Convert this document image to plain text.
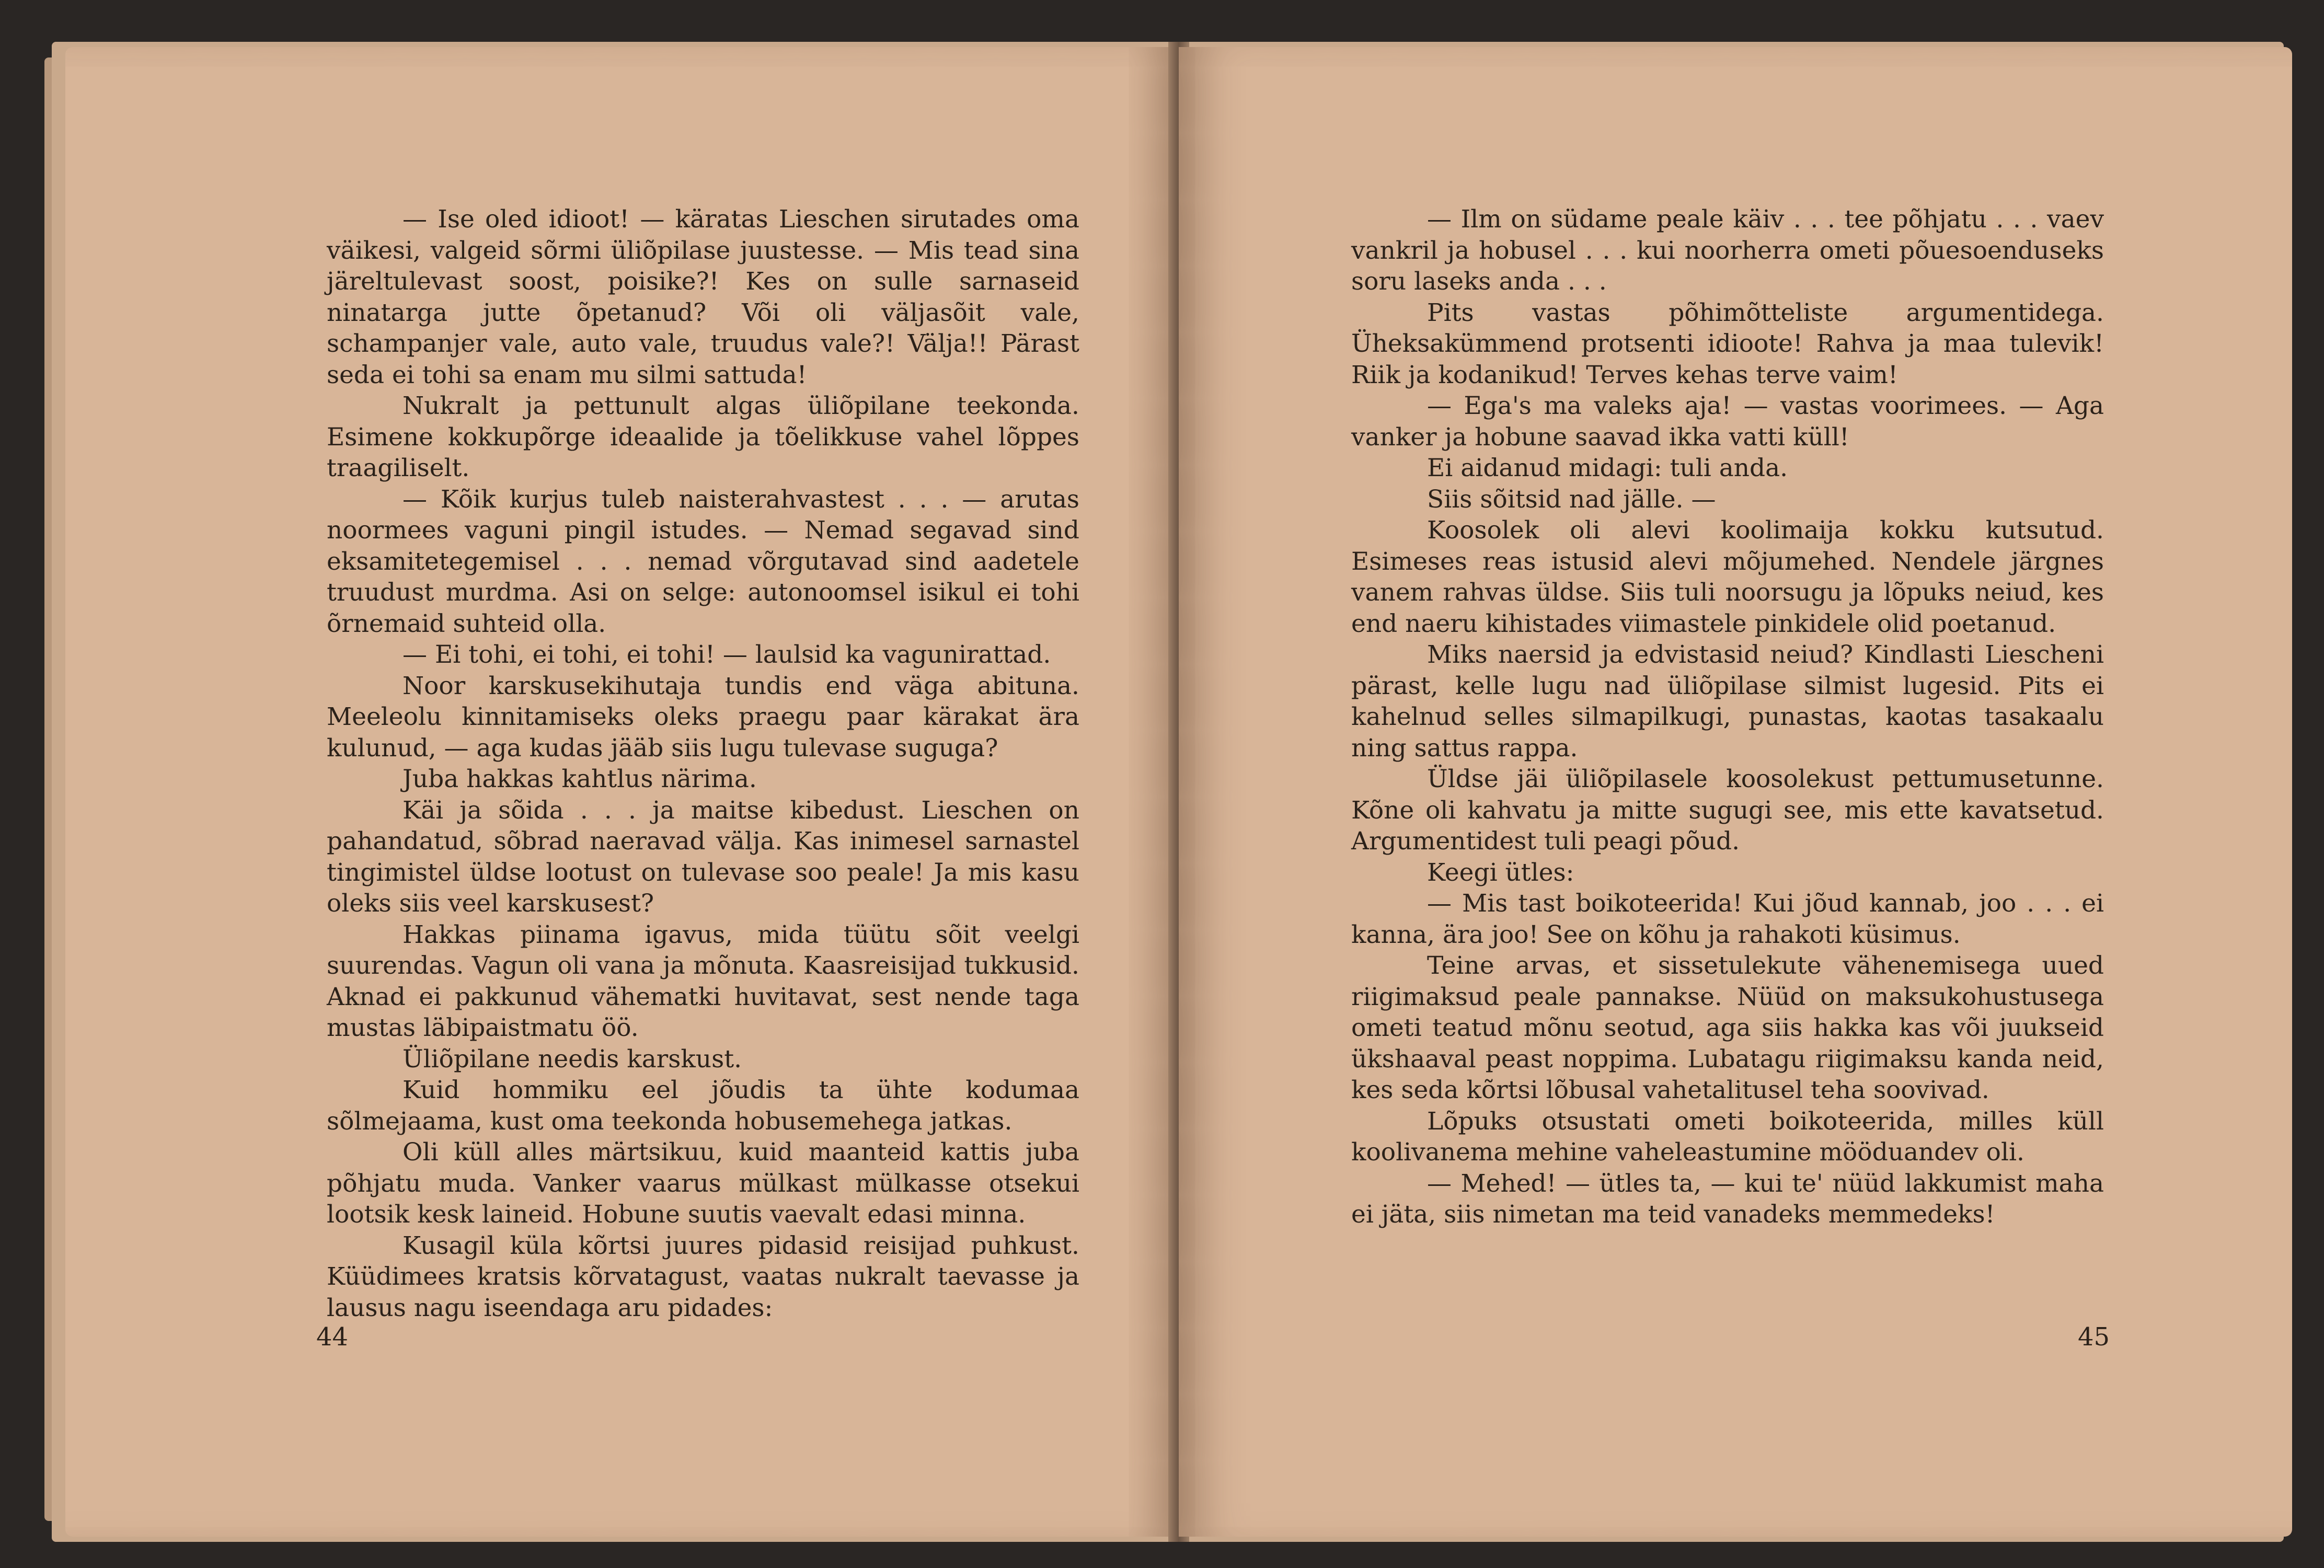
— Ise oled idioot! — käratas Lieschen sirutades oma väikesi, valgeid sõrmi üliõpilase juustesse. — Mis tead sina järeltulevast soost, poisike?! Kes on sulle sarnaseid ninatarga jutte õpetanud? Või oli väljasõit vale, schampanjer vale, auto vale, truudus vale?! Välja!! Pärast seda ei tohi sa enam mu silmi sattuda!

Nukralt ja pettunult algas üliõpilane teekonda. Esimene kokkupõrge ideaalide ja tõelikkuse vahel lõppes traagiliselt.

— Kõik kurjus tuleb naisterahvastest . . . — arutas noormees vaguni pingil istudes. — Nemad segavad sind eksamitetegemisel . . . nemad võrgutavad sind aadetele truudust murdma. Asi on selge: autonoomsel isikul ei tohi õrnemaid suhteid olla.

— Ei tohi, ei tohi, ei tohi! — laulsid ka vagunirattad.

Noor karskusekihutaja tundis end väga abituna. Meeleolu kinnitamiseks oleks praegu paar kärakat ära kulunud, — aga kudas jääb siis lugu tulevase suguga?

Juba hakkas kahtlus närima.

Käi ja sõida . . . ja maitse kibedust. Lieschen on pahandatud, sõbrad naeravad välja. Kas inimesel sarnastel tingimistel üldse lootust on tulevase soo peale! Ja mis kasu oleks siis veel karskusest?

Hakkas piinama igavus, mida tüütu sõit veelgi suurendas. Vagun oli vana ja mõnuta. Kaasreisijad tukkusid. Aknad ei pakkunud vähematki huvitavat, sest nende taga mustas läbipaistmatu öö.

Üliõpilane needis karskust.

Kuid hommiku eel jõudis ta ühte kodumaa sõlmejaama, kust oma teekonda hobusemehega jatkas.

Oli küll alles märtsikuu, kuid maanteid kattis juba põhjatu muda. Vanker vaarus mülkast mülkasse otsekui lootsik kesk laineid. Hobune suutis vaevalt edasi minna.

Kusagil küla kõrtsi juures pidasid reisijad puhkust. Küüdimees kratsis kõrvatagust, vaatas nukralt taevasse ja lausus nagu iseendaga aru pidades:

44

— Ilm on südame peale käiv . . . tee põhjatu . . . vaev vankril ja hobusel . . . kui noorherra ometi põuesoenduseks soru laseks anda . . .

Pits vastas põhimõtteliste argumentidega. Üheksakümmend protsenti idioote! Rahva ja maa tulevik! Riik ja kodanikud! Terves kehas terve vaim!

— Ega's ma valeks aja! — vastas voorimees. — Aga vanker ja hobune saavad ikka vatti küll!

Ei aidanud midagi: tuli anda.

Siis sõitsid nad jälle. —

Koosolek oli alevi koolimaija kokku kutsutud. Esimeses reas istusid alevi mõjumehed. Nendele järgnes vanem rahvas üldse. Siis tuli noorsugu ja lõpuks neiud, kes end naeru kihistades viimastele pinkidele olid poetanud.

Miks naersid ja edvistasid neiud? Kindlasti Liescheni pärast, kelle lugu nad üliõpilase silmist lugesid. Pits ei kahelnud selles silmapilkugi, punastas, kaotas tasakaalu ning sattus rappa.

Üldse jäi üliõpilasele koosolekust pettumusetunne. Kõne oli kahvatu ja mitte sugugi see, mis ette kavatsetud. Argumentidest tuli peagi põud.

Keegi ütles:

— Mis tast boikoteerida! Kui jõud kannab, joo . . . ei kanna, ära joo! See on kõhu ja rahakoti küsimus.

Teine arvas, et sissetulekute vähenemisega uued riigimaksud peale pannakse. Nüüd on maksukohustusega ometi teatud mõnu seotud, aga siis hakka kas või juukseid ükshaaval peast noppima. Lubatagu riigimaksu kanda neid, kes seda kõrtsi lõbusal vahetalitusel teha soovivad.

Lõpuks otsustati ometi boikoteerida, milles küll koolivanema mehine vaheleastumine mööduandev oli.

— Mehed! — ütles ta, — kui te' nüüd lakkumist maha ei jäta, siis nimetan ma teid vanadeks memmedeks!

45
